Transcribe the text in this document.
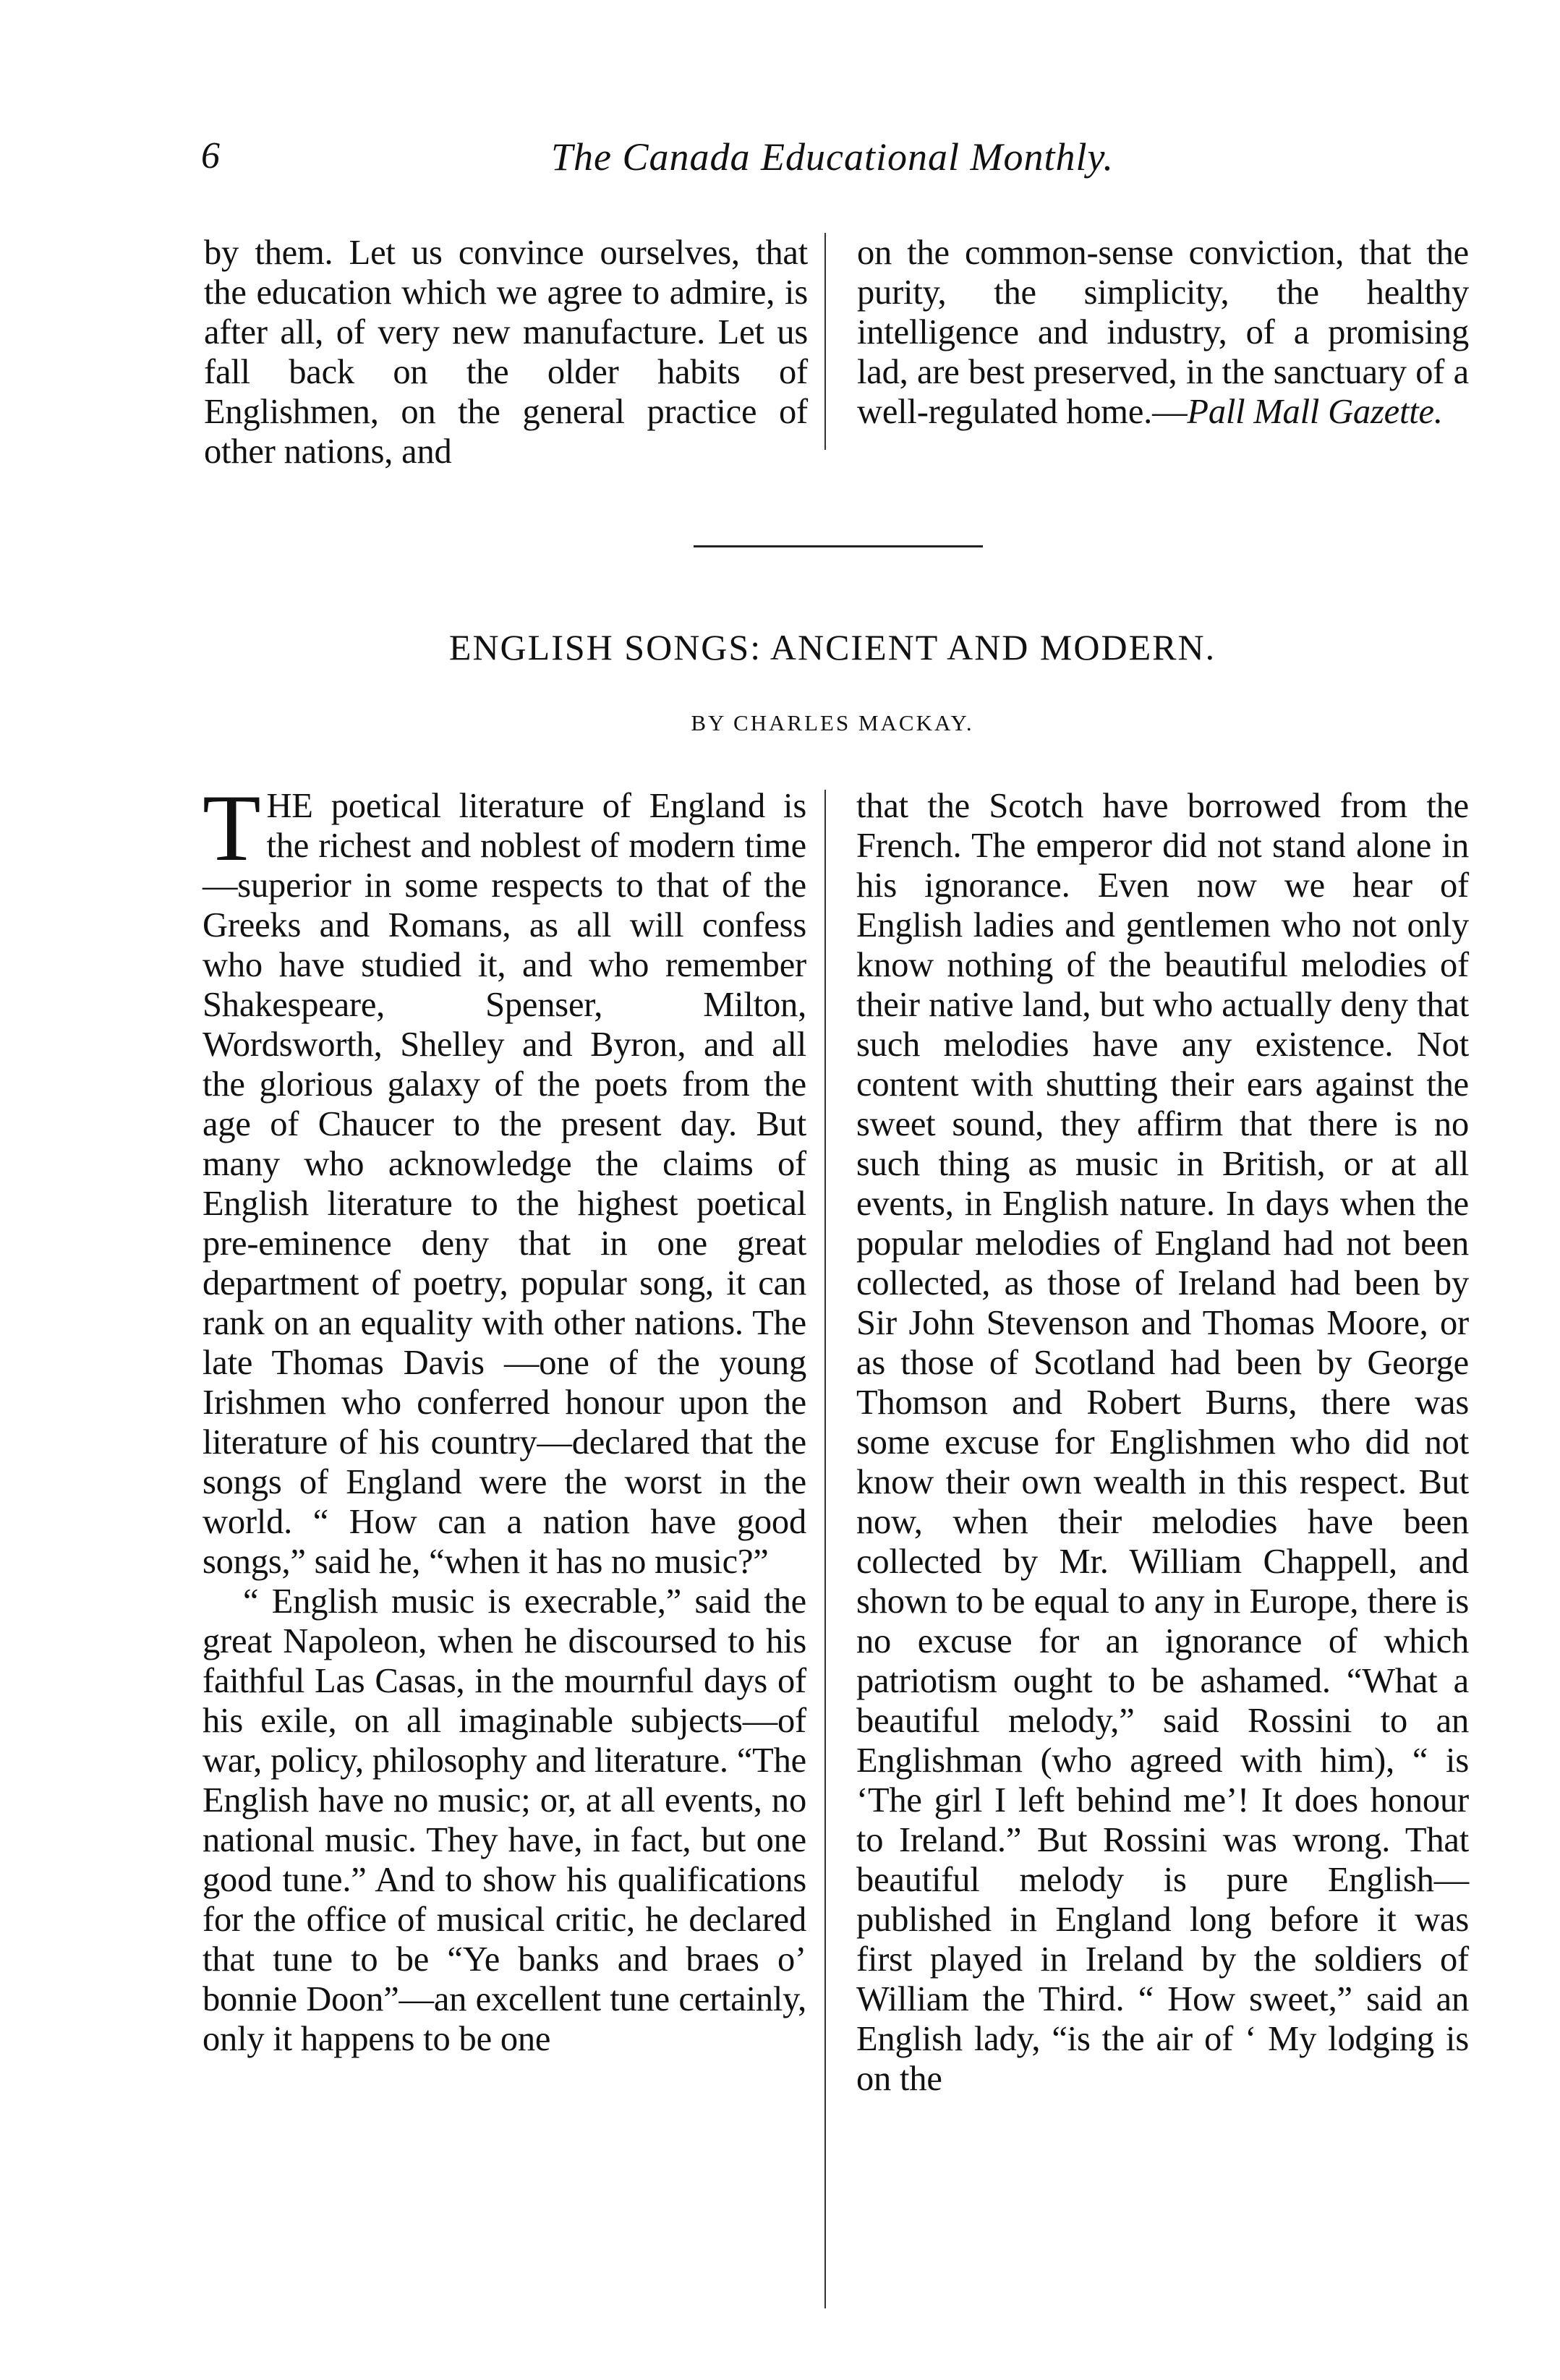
6	The Canada Educational Monthly.

by them. Let us convince ourselves, that the education which we agree to admire, is after all, of very new manufacture. Let us fall back on the older habits of Englishmen, on the general practice of other nations, and

on the common-sense conviction, that the purity, the simplicity, the healthy intelligence and industry, of a promising lad, are best preserved, in the sanctuary of a well-regulated home.—Pall Mall Gazette.

ENGLISH SONGS: ANCIENT AND MODERN.
BY CHARLES MACKAY.

THE poetical literature of England is the richest and noblest of modern time—superior in some respects to that of the Greeks and Romans, as all will confess who have studied it, and who remember Shakespeare, Spenser, Milton, Wordsworth, Shelley and Byron, and all the glorious galaxy of the poets from the age of Chaucer to the present day. But many who acknowledge the claims of English literature to the highest poetical pre-eminence deny that in one great department of poetry, popular song, it can rank on an equality with other nations. The late Thomas Davis —one of the young Irishmen who conferred honour upon the literature of his country—declared that the songs of England were the worst in the world. “ How can a nation have good songs,” said he, “when it has no music?”

“ English music is execrable,” said the great Napoleon, when he discoursed to his faithful Las Casas, in the mournful days of his exile, on all imaginable subjects—of war, policy, philosophy and literature. “The English have no music; or, at all events, no national music. They have, in fact, but one good tune.” And to show his qualifications for the office of musical critic, he declared that tune to be “Ye banks and braes o’ bonnie Doon”—an excellent tune certainly, only it happens to be one

that the Scotch have borrowed from the French. The emperor did not stand alone in his ignorance. Even now we hear of English ladies and gentlemen who not only know nothing of the beautiful melodies of their native land, but who actually deny that such melodies have any existence. Not content with shutting their ears against the sweet sound, they affirm that there is no such thing as music in British, or at all events, in English nature. In days when the popular melodies of England had not been collected, as those of Ireland had been by Sir John Stevenson and Thomas Moore, or as those of Scotland had been by George Thomson and Robert Burns, there was some excuse for Englishmen who did not know their own wealth in this respect. But now, when their melodies have been collected by Mr. William Chappell, and shown to be equal to any in Europe, there is no excuse for an ignorance of which patriotism ought to be ashamed. “What a beautiful melody,” said Rossini to an Englishman (who agreed with him), “ is ‘The girl I left behind me’! It does honour to Ireland.” But Rossini was wrong. That beautiful melody is pure English—published in England long before it was first played in Ireland by the soldiers of William the Third. “ How sweet,” said an English lady, “is the air of ‘ My lodging is on the
